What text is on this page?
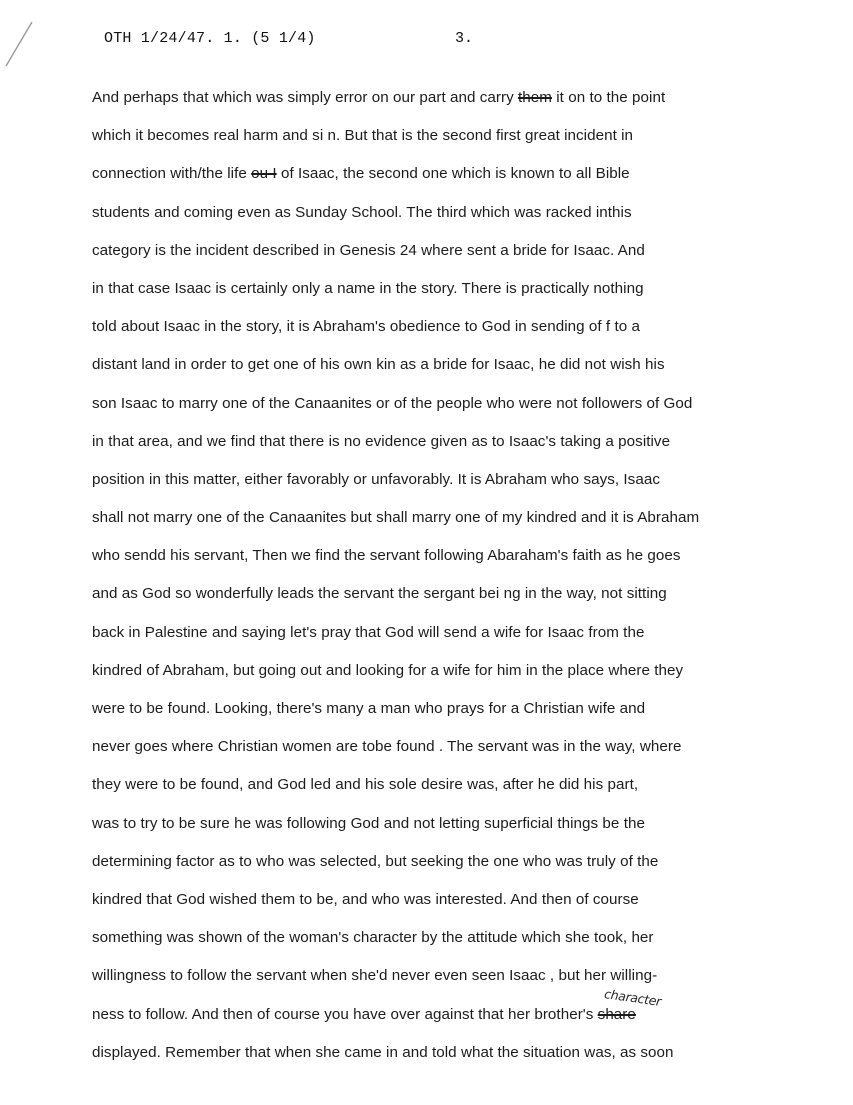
OTH 1/24/47. 1. (5 1/4)	3.
And perhaps that which was simply error on our part and carry them it on to the point
which it becomes real harm and si n. But that is the second first great incident in
connection with/the life ou I of Isaac, the second one which is known to all Bible
students and coming even as Sunday School. The third which was racked inthis
category is the incident described in Genesis 24 where sent a bride for Isaac. And
in that case Isaac is certainly only a name in the story. There is practically nothing
told about Isaac in the story, it is Abraham's obedience to God in sending of f to a
distant land in order to get one of his own kin as a bride for Isaac, he did not wish his
son Isaac to marry one of the Canaanites or of the people who were not followers of God
in that area, and we find that there is no evidence given as to Isaac's taking a positive
position in this matter, either favorably or unfavorably. It is Abraham who says, Isaac
shall not marry one of the Canaanites but shall marry one of my kindred and it is Abraham
who sendd his servant, Then we find the servant following Abaraham's faith as he goes
and as God so wonderfully leads the servant the sergant bei ng in the way, not sitting
back in Palestine and saying let's pray that God will send a wife for Isaac from the
kindred of Abraham, but going out and looking for a wife for him in the place where they
were to be found. Looking, there's many a man who prays for a Christian wife and
never goes where Christian women are tobe found . The servant was in the way, where
they were to be found, and God led and his sole desire was, after he did his part,
was to try to be sure he was following God and not letting superficial things be the
determining factor as to who was selected, but seeking the one who was truly of the
kindred that God wished them to be, and who was interested. And then of course
something was shown of the woman's character by the attitude which she took, her
willingness to follow the servant when she'd never even seen Isaac , but her willing-
ness to follow. And then of course you have over against that her brother's share
character
displayed. Remember that when she came in and told what the situation was, as soon
